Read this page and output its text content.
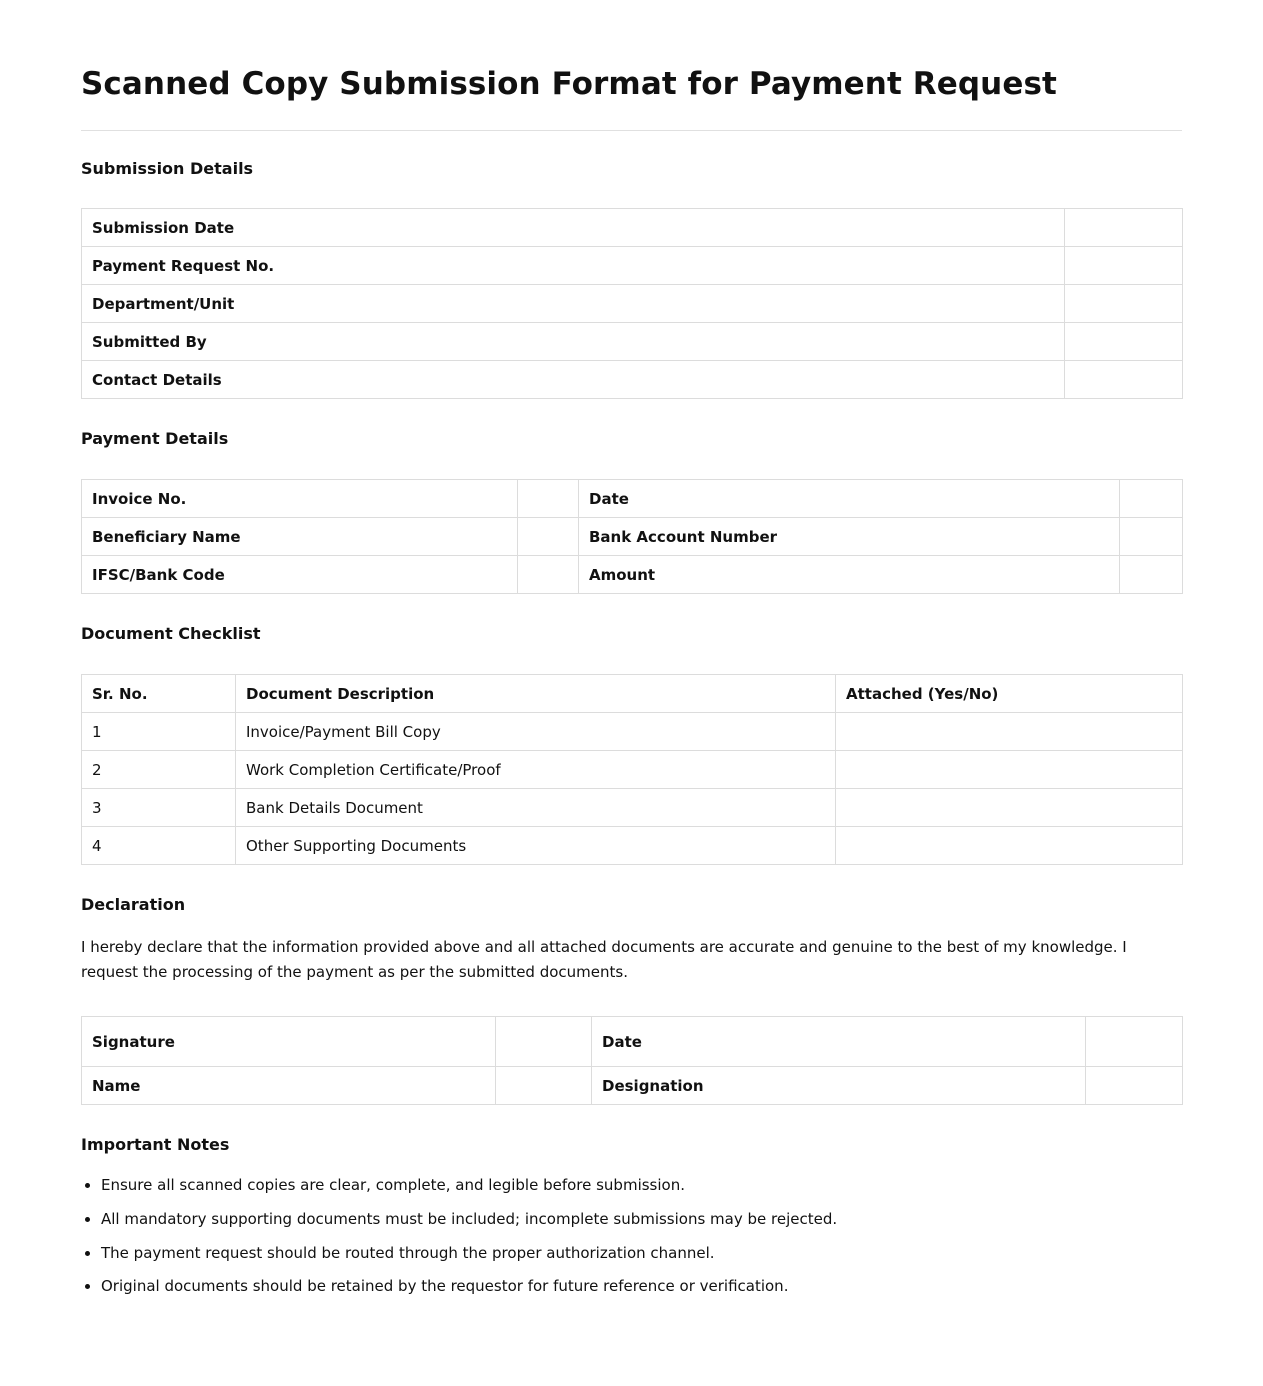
Scanned Copy Submission Format for Payment Request
Submission Details
Submission Date	
Payment Request No.	
Department/Unit	
Submitted By	
Contact Details	
Payment Details
Invoice No.		Date	
Beneficiary Name		Bank Account Number	
IFSC/Bank Code		Amount	
Document Checklist
Sr. No.	Document Description	Attached (Yes/No)
1	Invoice/Payment Bill Copy	
2	Work Completion Certificate/Proof	
3	Bank Details Document	
4	Other Supporting Documents	
Declaration

I hereby declare that the information provided above and all attached documents are accurate and genuine to the best of my knowledge. I request the processing of the payment as per the submitted documents.

Signature		Date	
Name		Designation	
Important Notes
• Ensure all scanned copies are clear, complete, and legible before submission.
• All mandatory supporting documents must be included; incomplete submissions may be rejected.
• The payment request should be routed through the proper authorization channel.
• Original documents should be retained by the requestor for future reference or verification.
